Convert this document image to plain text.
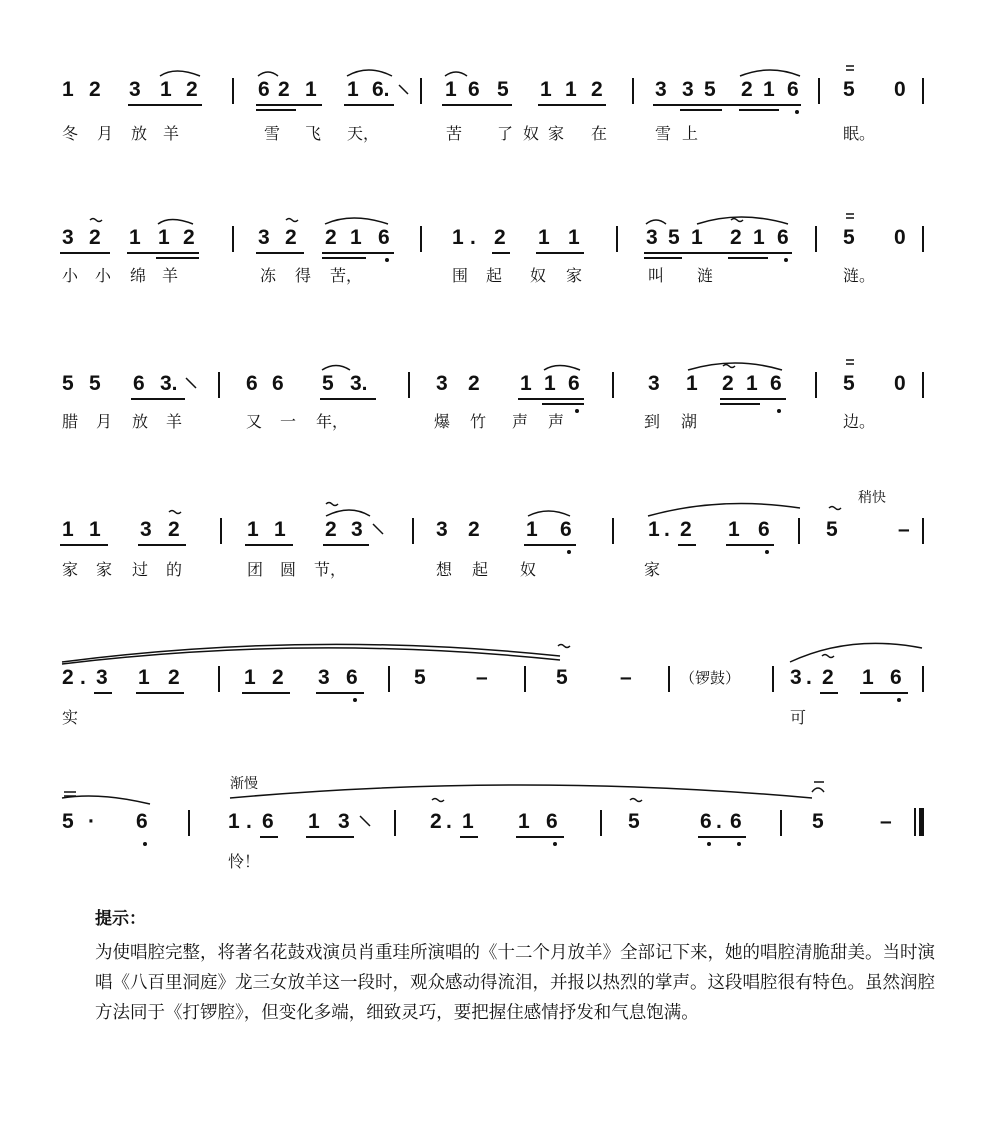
1 2 3 1 2	6 2 1 1 6.	1 6 5 1 1 2 3 3 5 2 1 6 5 0
冬 月 放 羊	雪 飞 天，	苦 了 奴 家 在	雪 上	眠。
3 2 1 1 2	3 2 2 1 6	1 . 2 1 1	3 5 1 2 1 6	5 0
小 小 绵 羊	冻 得 苦，	围 起 奴 家	叫 涟	涟。
5 5 6 3.	6 6 5 3.	3 2 1 1 6	3 1 2 1 6	5 0
腊 月 放 羊	又 一 年，	爆 竹 声 声	到 湖	边。
稍快
1 1 3 2	1 1 2 3	3 2 1 6	1 . 2 1 6	5	–
家 家 过 的	团 圆 节，	想 起 奴	家
2 . 3 1 2	1 2 3 6	5 –	5 –	（锣鼓） 3 . 2 1 6
实	可
渐慢
5 · 6	1 . 6 1 3	2 . 1 1 6	5	6 . 6	5	–
怜！
提示：

为使唱腔完整，将著名花鼓戏演员肖重珪所演唱的《十二个月放羊》全部记下来，她的唱腔清脆甜美。当时演唱《八百里洞庭》龙三女放羊这一段时，观众感动得流泪，并报以热烈的掌声。这段唱腔很有特色。虽然润腔方法同于《打锣腔》，但变化多端，细致灵巧，要把握住感情抒发和气息饱满。
